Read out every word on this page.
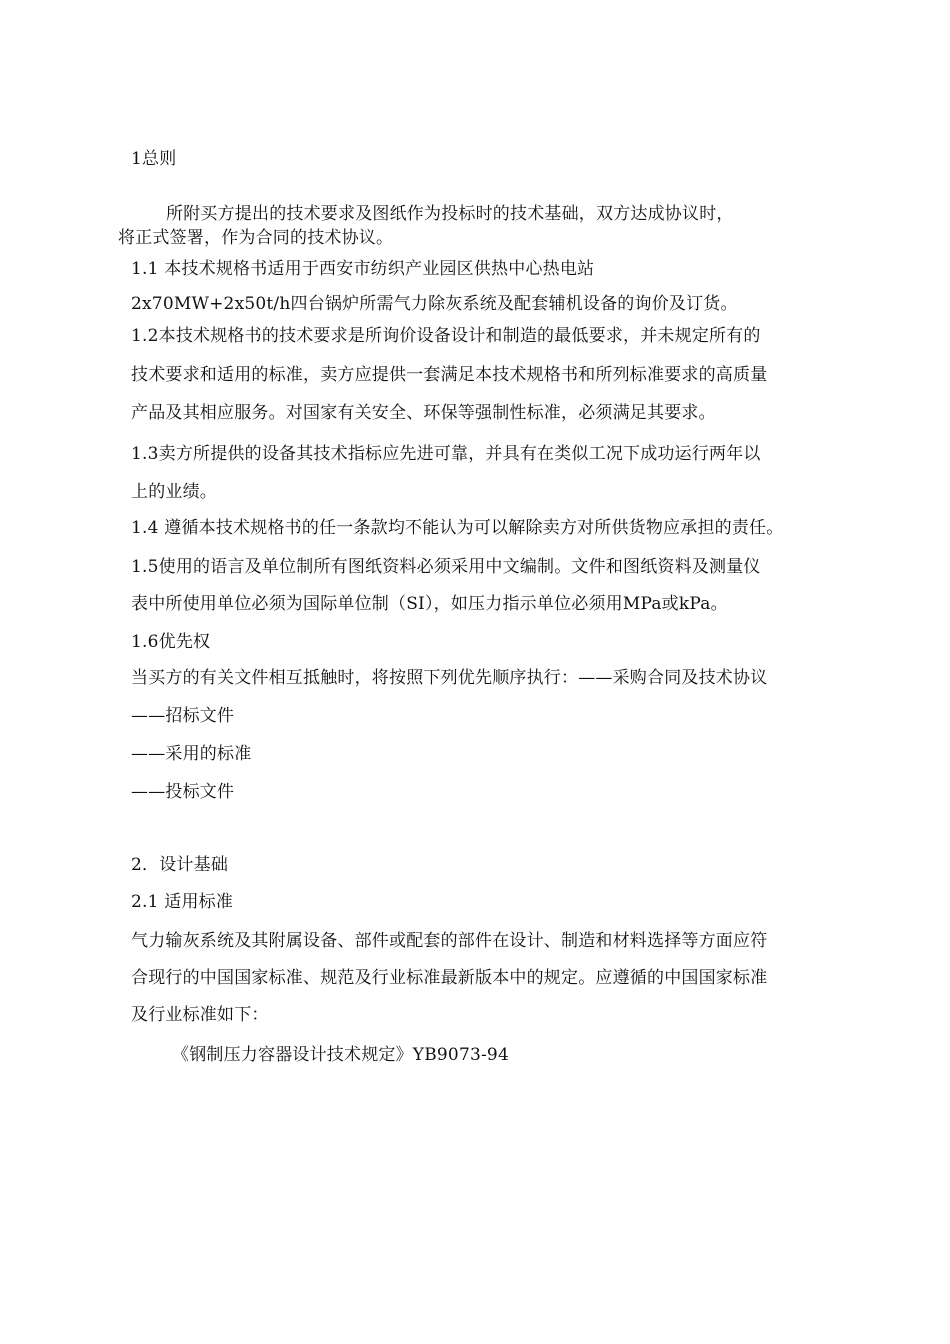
1总则
所附买方提出的技术要求及图纸作为投标时的技术基础，双方达成协议时，
将正式签署，作为合同的技术协议。
1.1 本技术规格书适用于西安市纺织产业园区供热中心热电站
2x70MW+2x50t/h四台锅炉所需气力除灰系统及配套辅机设备的询价及订货。
1.2本技术规格书的技术要求是所询价设备设计和制造的最低要求，并未规定所有的
技术要求和适用的标准，卖方应提供一套满足本技术规格书和所列标准要求的高质量
产品及其相应服务。对国家有关安全、环保等强制性标准，必须满足其要求。
1.3卖方所提供的设备其技术指标应先进可靠，并具有在类似工况下成功运行两年以
上的业绩。
1.4 遵循本技术规格书的任一条款均不能认为可以解除卖方对所供货物应承担的责任。
1.5使用的语言及单位制所有图纸资料必须采用中文编制。文件和图纸资料及测量仪
表中所使用单位必须为国际单位制（SI），如压力指示单位必须用MPa或kPa。
1.6优先权
当买方的有关文件相互抵触时，将按照下列优先顺序执行：——采购合同及技术协议
——招标文件
——采用的标准
——投标文件
2．设计基础
2.1 适用标准
气力输灰系统及其附属设备、部件或配套的部件在设计、制造和材料选择等方面应符
合现行的中国国家标准、规范及行业标准最新版本中的规定。应遵循的中国国家标准
及行业标准如下：
《钢制压力容器设计技术规定》YB9073-94
